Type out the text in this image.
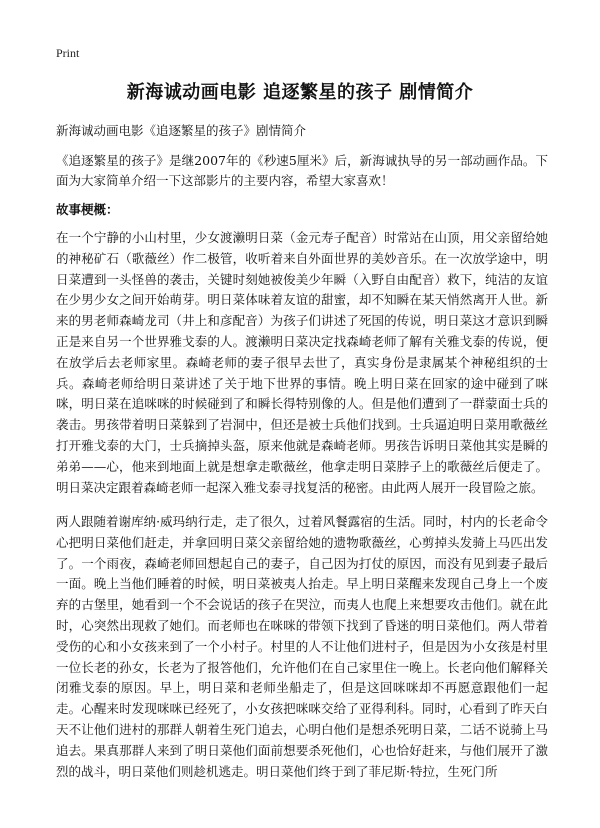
Print
新海诚动画电影 追逐繁星的孩子 剧情简介

新海诚动画电影《追逐繁星的孩子》剧情简介

《追逐繁星的孩子》是继2007年的《秒速5厘米》后，新海诚执导的另一部动画作品。下面为大家简单介绍一下这部影片的主要内容，希望大家喜欢！

故事梗概：

在一个宁静的小山村里，少女渡濑明日菜（金元寿子配音）时常站在山顶，用父亲留给她的神秘矿石（歌薇丝）作二极管，收听着来自外面世界的美妙音乐。在一次放学途中，明日菜遭到一头怪兽的袭击，关键时刻她被俊美少年瞬（入野自由配音）救下，纯洁的友谊在少男少女之间开始萌芽。明日菜体味着友谊的甜蜜，却不知瞬在某天悄然离开人世。新来的男老师森崎龙司（井上和彦配音）为孩子们讲述了死国的传说，明日菜这才意识到瞬正是来自另一个世界雅戈泰的人。渡濑明日菜决定找森崎老师了解有关雅戈泰的传说，便在放学后去老师家里。森崎老师的妻子很早去世了，真实身份是隶属某个神秘组织的士兵。森崎老师给明日菜讲述了关于地下世界的事情。晚上明日菜在回家的途中碰到了咪咪，明日菜在追咪咪的时候碰到了和瞬长得特别像的人。但是他们遭到了一群蒙面士兵的袭击。男孩带着明日菜躲到了岩洞中，但还是被士兵他们找到。士兵逼迫明日菜用歌薇丝打开雅戈泰的大门，士兵摘掉头盔，原来他就是森崎老师。男孩告诉明日菜他其实是瞬的弟弟——心，他来到地面上就是想拿走歌薇丝，他拿走明日菜脖子上的歌薇丝后便走了。明日菜决定跟着森崎老师一起深入雅戈泰寻找复活的秘密。由此两人展开一段冒险之旅。

两人跟随着谢库纳·威玛纳行走，走了很久，过着风餐露宿的生活。同时，村内的长老命令心把明日菜他们赶走，并拿回明日菜父亲留给她的遗物歌薇丝，心剪掉头发骑上马匹出发了。一个雨夜，森崎老师回想起自己的妻子，自己因为打仗的原因，而没有见到妻子最后一面。晚上当他们睡着的时候，明日菜被夷人抬走。早上明日菜醒来发现自己身上一个废弃的古堡里，她看到一个不会说话的孩子在哭泣，而夷人也爬上来想要攻击他们。就在此时，心突然出现救了她们。而老师也在咪咪的带领下找到了昏迷的明日菜他们。两人带着受伤的心和小女孩来到了一个小村子。村里的人不让他们进村子，但是因为小女孩是村里一位长老的孙女，长老为了报答他们，允许他们在自己家里住一晚上。长老向他们解释关闭雅戈泰的原因。早上，明日菜和老师坐船走了，但是这回咪咪却不再愿意跟他们一起走。心醒来时发现咪咪已经死了，小女孩把咪咪交给了亚得利科。同时，心看到了昨天白天不让他们进村的那群人朝着生死门追去，心明白他们是想杀死明日菜，二话不说骑上马追去。果真那群人来到了明日菜他们面前想要杀死他们，心也恰好赶来，与他们展开了激烈的战斗，明日菜他们则趁机逃走。明日菜他们终于到了菲尼斯·特拉，生死门所
